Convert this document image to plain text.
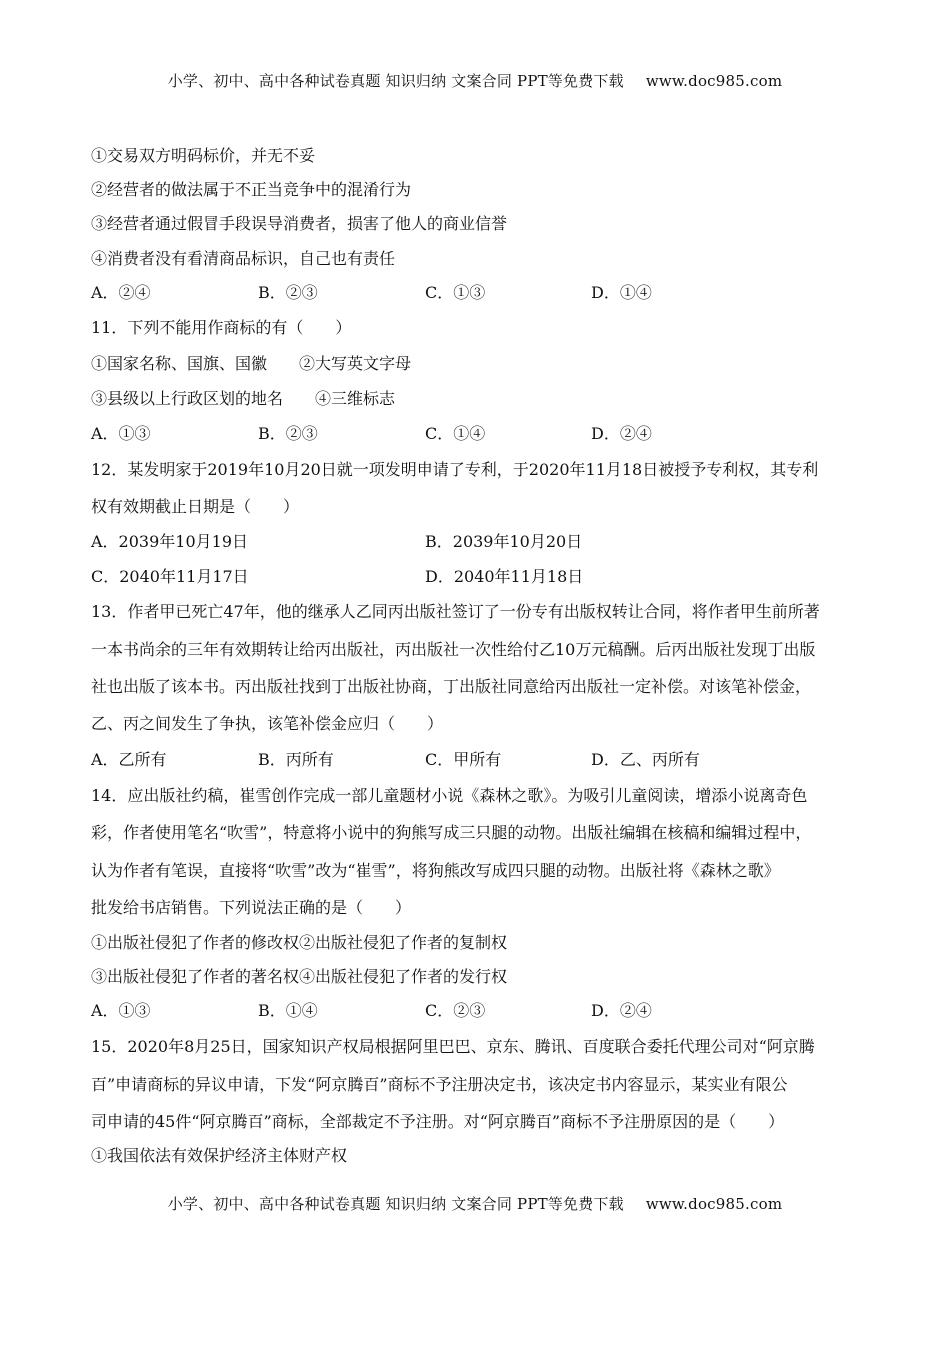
小学、初中、高中各种试卷真题 知识归纳 文案合同 PPT等免费下载 www.doc985.com
①交易双方明码标价，并无不妥
②经营者的做法属于不正当竞争中的混淆行为
③经营者通过假冒手段误导消费者，损害了他人的商业信誉
④消费者没有看清商品标识，自己也有责任
A．②④	B．②③	C．①③	D．①④
11．下列不能用作商标的有（　　）
①国家名称、国旗、国徽　　②大写英文字母
③县级以上行政区划的地名　　④三维标志
A．①③	B．②③	C．①④	D．②④
12．某发明家于2019年10月20日就一项发明申请了专利，于2020年11月18日被授予专利权，其专利
权有效期截止日期是（　　）
A．2039年10月19日	B．2039年10月20日
C．2040年11月17日	D．2040年11月18日
13．作者甲已死亡47年，他的继承人乙同丙出版社签订了一份专有出版权转让合同，将作者甲生前所著
一本书尚余的三年有效期转让给丙出版社，丙出版社一次性给付乙10万元稿酬。后丙出版社发现丁出版
社也出版了该本书。丙出版社找到丁出版社协商，丁出版社同意给丙出版社一定补偿。对该笔补偿金，
乙、丙之间发生了争执，该笔补偿金应归（　　）
A．乙所有	B．丙所有	C．甲所有	D．乙、丙所有
14．应出版社约稿，崔雪创作完成一部儿童题材小说《森林之歌》。为吸引儿童阅读，增添小说离奇色
彩，作者使用笔名“吹雪”，特意将小说中的狗熊写成三只腿的动物。出版社编辑在核稿和编辑过程中，
认为作者有笔误，直接将“吹雪”改为“崔雪”，将狗熊改写成四只腿的动物。出版社将《森林之歌》
批发给书店销售。下列说法正确的是（　　）
①出版社侵犯了作者的修改权②出版社侵犯了作者的复制权
③出版社侵犯了作者的著名权④出版社侵犯了作者的发行权
A．①③	B．①④	C．②③	D．②④
15．2020年8月25日，国家知识产权局根据阿里巴巴、京东、腾讯、百度联合委托代理公司对“阿京腾
百”申请商标的异议申请，下发“阿京腾百”商标不予注册决定书，该决定书内容显示，某实业有限公
司申请的45件“阿京腾百”商标，全部裁定不予注册。对“阿京腾百”商标不予注册原因的是（　　）
①我国依法有效保护经济主体财产权
小学、初中、高中各种试卷真题 知识归纳 文案合同 PPT等免费下载 www.doc985.com
